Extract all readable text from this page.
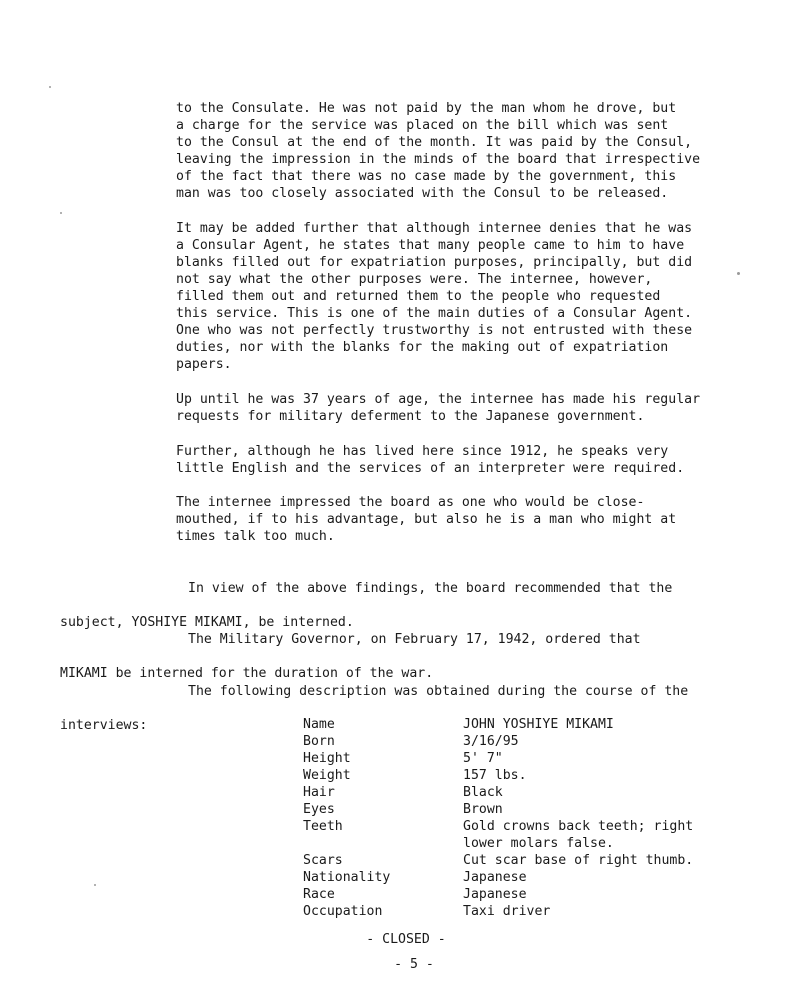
to the Consulate. He was not paid by the man whom he drove, but
a charge for the service was placed on the bill which was sent
to the Consul at the end of the month. It was paid by the Consul,
leaving the impression in the minds of the board that irrespective
of the fact that there was no case made by the government, this
man was too closely associated with the Consul to be released.

It may be added further that although internee denies that he was
a Consular Agent, he states that many people came to him to have
blanks filled out for expatriation purposes, principally, but did
not say what the other purposes were. The internee, however,
filled them out and returned them to the people who requested
this service. This is one of the main duties of a Consular Agent.
One who was not perfectly trustworthy is not entrusted with these
duties, nor with the blanks for the making out of expatriation
papers.

Up until he was 37 years of age, the internee has made his regular
requests for military deferment to the Japanese government.

Further, although he has lived here since 1912, he speaks very
little English and the services of an interpreter were required.

The internee impressed the board as one who would be close-
mouthed, if to his advantage, but also he is a man who might at
times talk too much.

In view of the above findings, the board recommended that the

subject, YOSHIYE MIKAMI, be interned.

The Military Governor, on February 17, 1942, ordered that

MIKAMI be interned for the duration of the war.

The following description was obtained during the course of the

interviews:	Name	JOHN YOSHIYE MIKAMI
Born	3/16/95
Height	5' 7"
Weight	157 lbs.
Hair	Black
Eyes	Brown
Teeth	Gold crowns back teeth; right
lower molars false.
Scars	Cut scar base of right thumb.
Nationality	Japanese
Race	Japanese
Occupation	Taxi driver

- CLOSED -

- 5 -
